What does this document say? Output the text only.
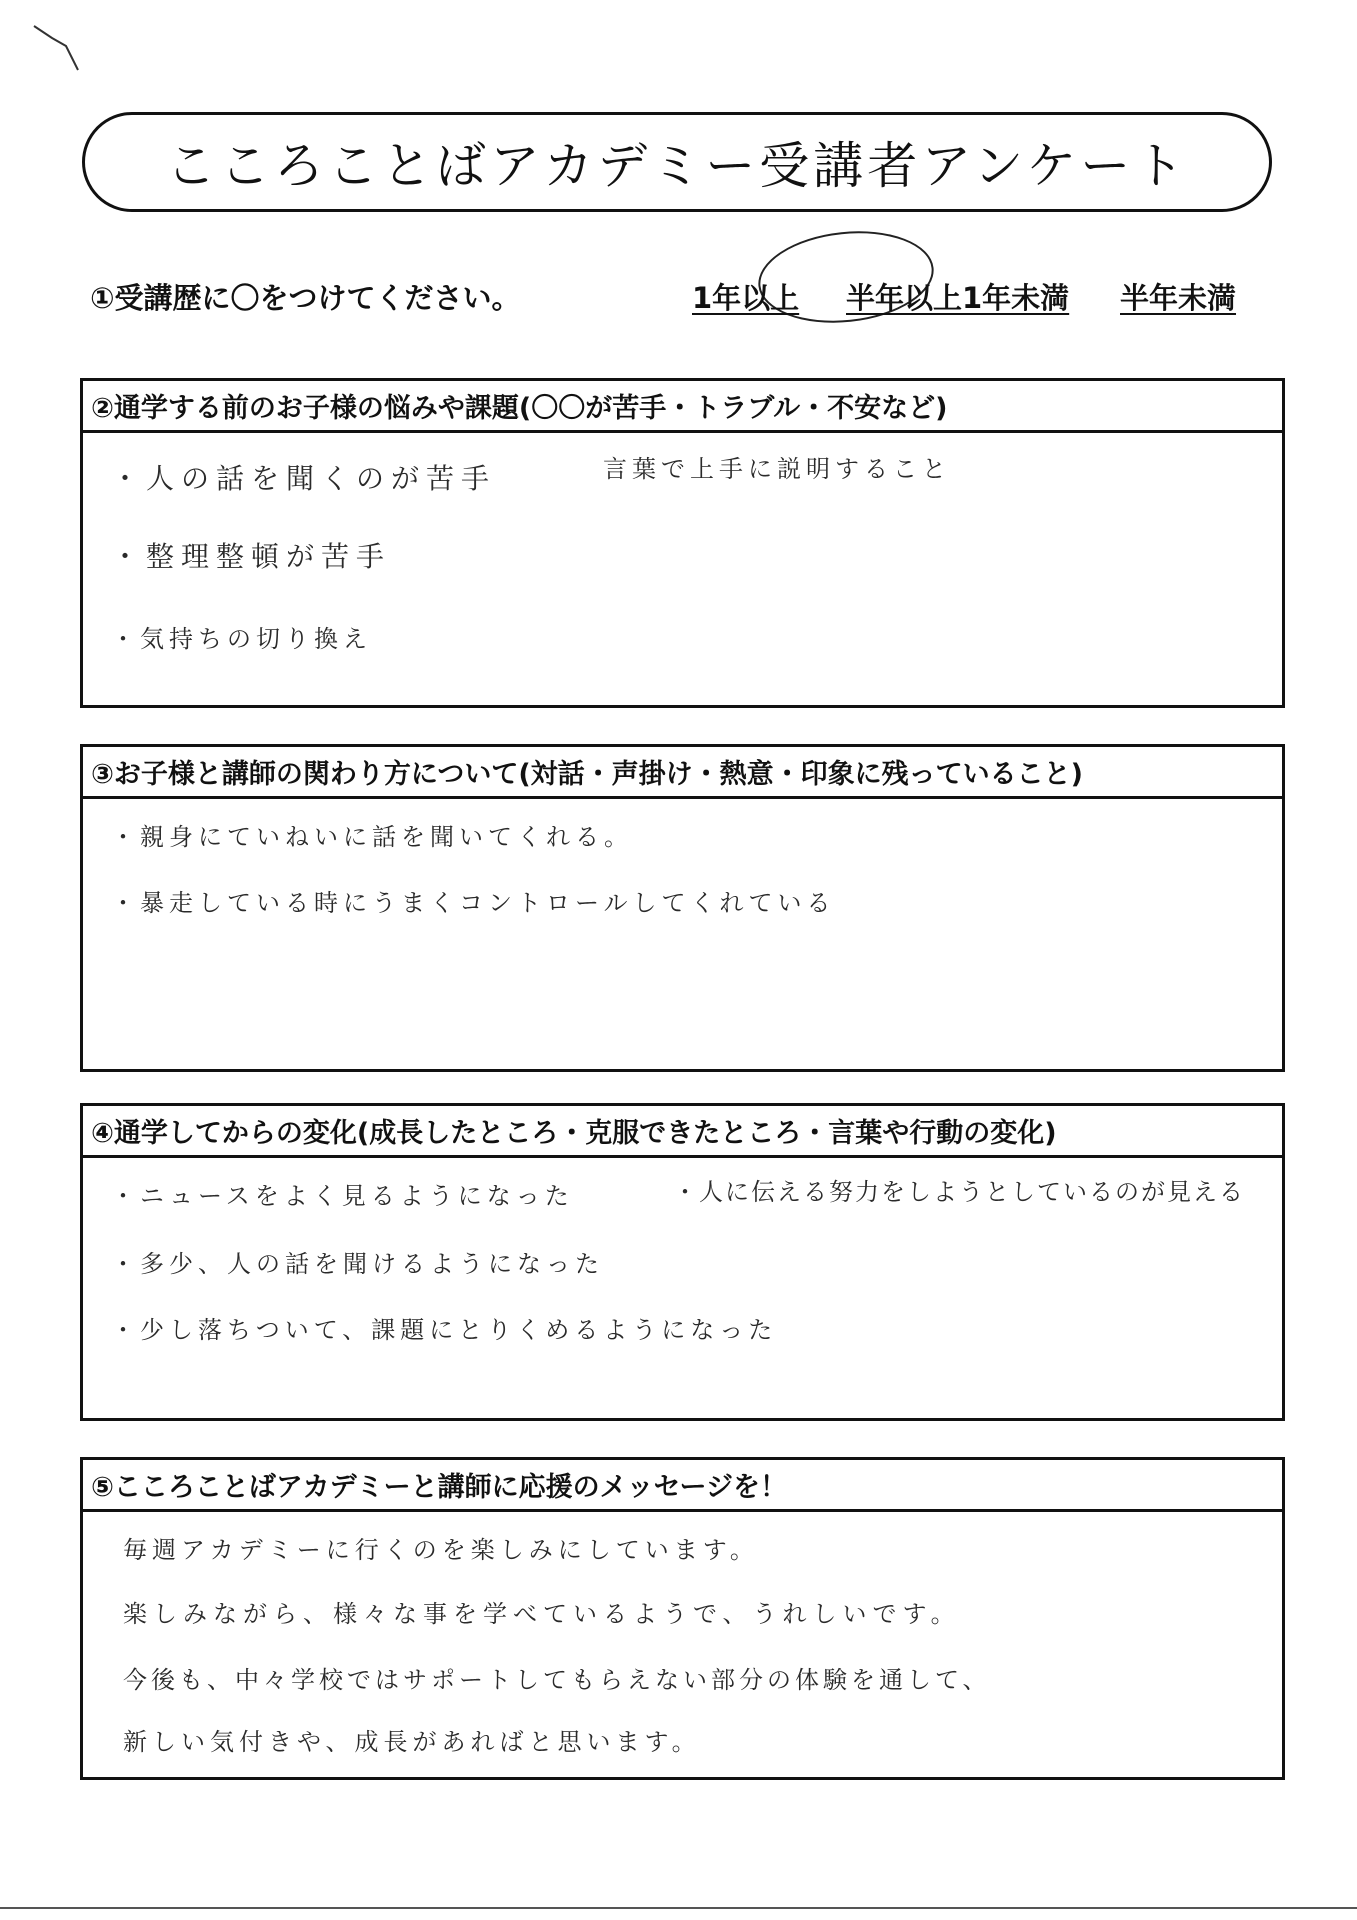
こころことばアカデミー受講者アンケート
①受講歴に〇をつけてください。	1年以上 半年以上1年未満 半年未満
②通学する前のお子様の悩みや課題(〇〇が苦手・トラブル・不安など)
・人の話を聞くのが苦手	言葉で上手に説明すること
・整理整頓が苦手
・気持ちの切り換え
③お子様と講師の関わり方について(対話・声掛け・熱意・印象に残っていること)
・親身にていねいに話を聞いてくれる。
・暴走している時にうまくコントロールしてくれている
④通学してからの変化(成長したところ・克服できたところ・言葉や行動の変化)
・ニュースをよく見るようになった	・人に伝える努力をしようとしているのが見える
・多少、人の話を聞けるようになった
・少し落ちついて、課題にとりくめるようになった
⑤こころことばアカデミーと講師に応援のメッセージを！
毎週アカデミーに行くのを楽しみにしています。
楽しみながら、様々な事を学べているようで、うれしいです。
今後も、中々学校ではサポートしてもらえない部分の体験を通して、
新しい気付きや、成長があればと思います。
